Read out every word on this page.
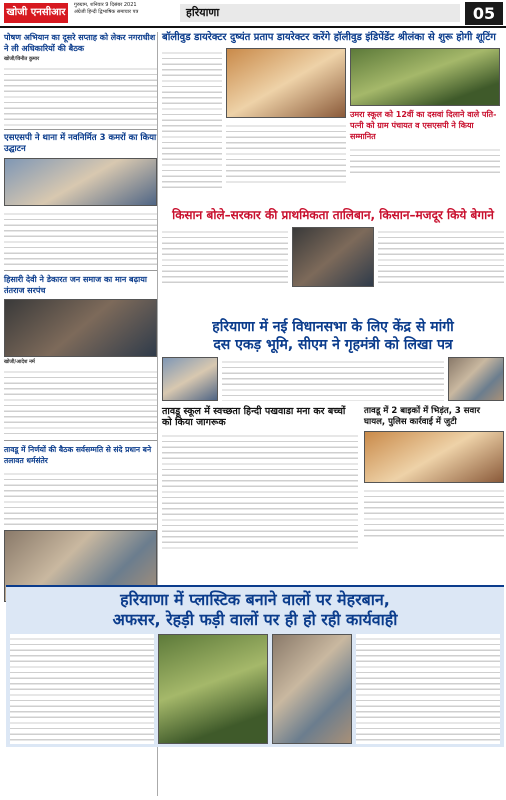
खोजी एनसीआर
गुरुग्राम, शनिवार 9 दिसंबर 2021
अंग्रेजी हिन्दी द्विभाषिक समाचार पत्र	हरियाणा	05
पोषण अभियान का दूसरे सप्ताह को लेकर नगराधीश ने ली अधिकारियों की बैठक
खोजी/विनीत कुमार
एसएसपी ने थाना में नवनिर्मित 3 कमरों का किया उद्घाटन
हिसारी देवी ने डेकारत जन समाज का मान बढ़ाया तंतराज सरपंच
खोजी/आदेश नर्म
तावडू में निर्णयों की बैठक सर्वसम्मति से संदे प्रधान बने तलावत धर्मसंतेर
बॉलीवुड डायरेक्टर दुष्यंत प्रताप डायरेक्टर करेंगे हॉलीवुड इंडिपेंडेंट श्रीलंका से शुरू होगी शूटिंग
उमरा स्कूल को 12वीं का दसवां दिलाने वाले पति- पत्नी को ग्राम पंचायत व एसएसपी ने किया सम्मानित
किसान बोले–सरकार की प्राथमिकता तालिबान, किसान–मजदूर किये बेगाने
हरियाणा में नई विधानसभा के लिए केंद्र से मांगी
दस एकड़ भूमि, सीएम ने गृहमंत्री को लिखा पत्र
तावडू स्कूल में स्वच्छता हिन्दी पखवाडा मना कर बच्चों को किया जागरूक
तावडू में 2 बाइकों में भिड़ंत, 3 सवार घायल, पुलिस कार्रवाई में जुटी
हरियाणा में प्लास्टिक बनाने वालों पर मेहरबान,
अफसर, रेहड़ी फड़ी वालों पर ही हो रही कार्यवाही
